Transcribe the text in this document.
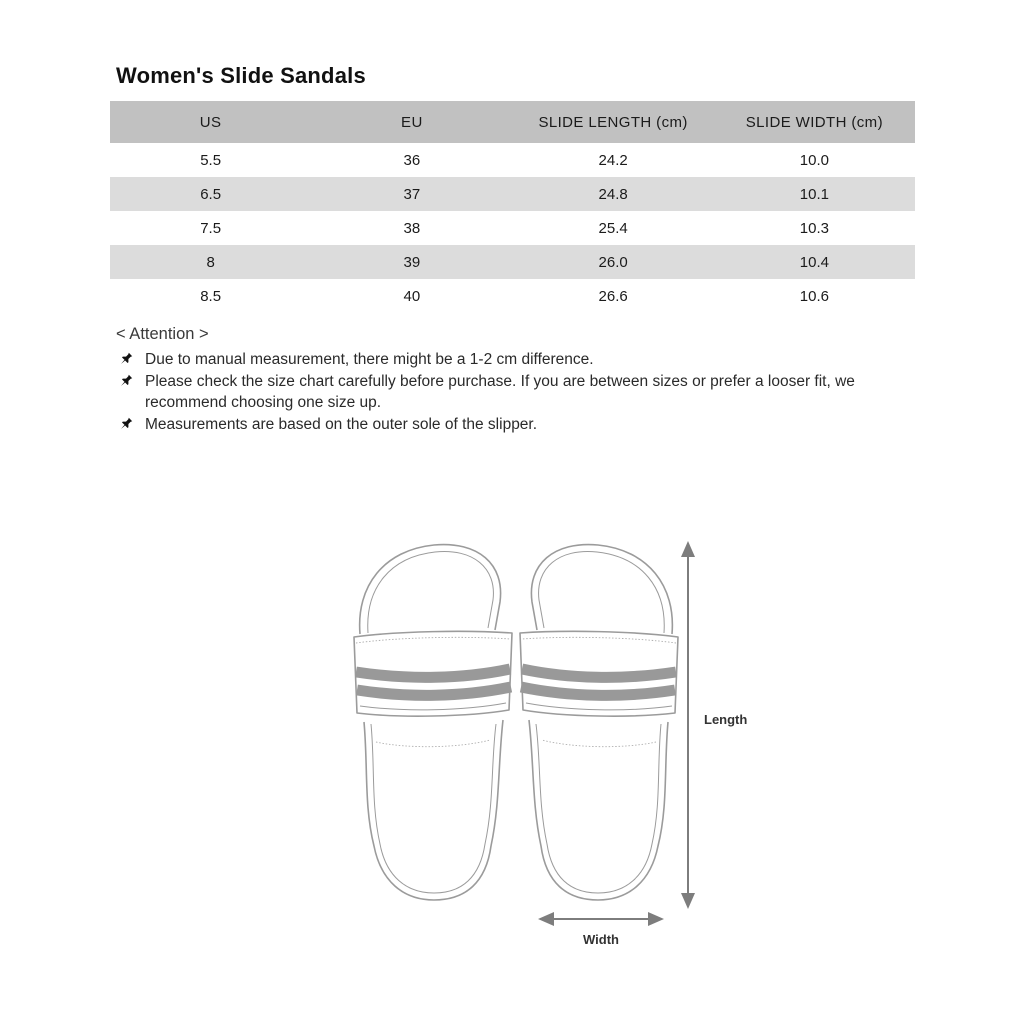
Women's Slide Sandals
US	EU	SLIDE LENGTH (cm)	SLIDE WIDTH (cm)
5.5	36	24.2	10.0
6.5	37	24.8	10.1
7.5	38	25.4	10.3
8	39	26.0	10.4
8.5	40	26.6	10.6
< Attention >
Due to manual measurement, there might be a 1-2 cm difference.
Please check the size chart carefully before purchase. If you are between sizes or prefer a looser fit, we recommend choosing one size up.
Measurements are based on the outer sole of the slipper.
Length
Width
